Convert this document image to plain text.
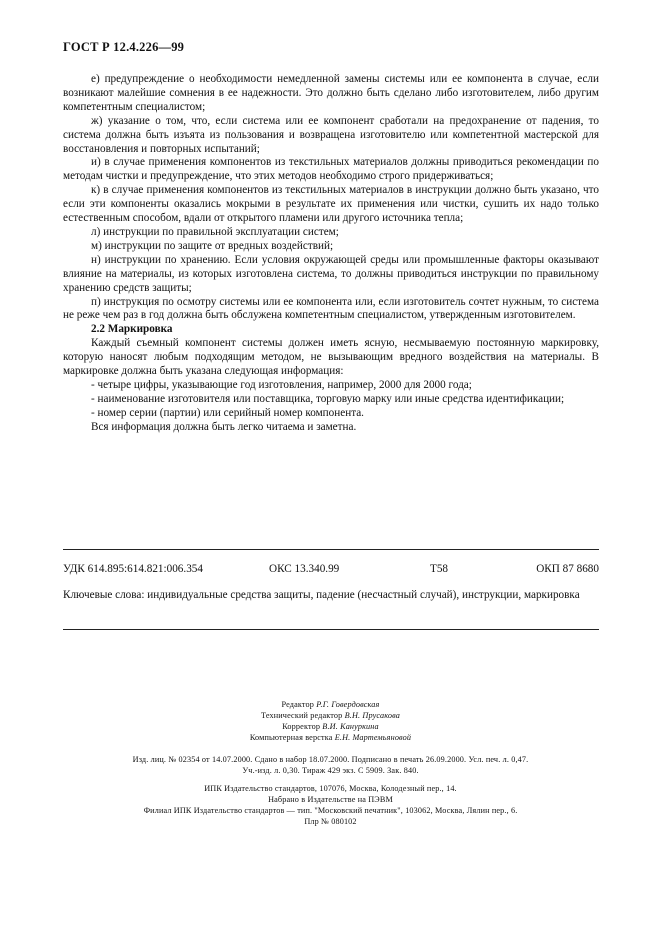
ГОСТ Р 12.4.226—99

е) предупреждение о необходимости немедленной замены системы или ее компонента в случае, если возникают малейшие сомнения в ее надежности. Это должно быть сделано либо изготовителем, либо другим компетентным специалистом;

ж) указание о том, что, если система или ее компонент сработали на предохранение от падения, то система должна быть изъята из пользования и возвращена изготовителю или компетентной мастерской для восстановления и повторных испытаний;

и) в случае применения компонентов из текстильных материалов должны приводиться рекомендации по методам чистки и предупреждение, что этих методов необходимо строго придерживаться;

к) в случае применения компонентов из текстильных материалов в инструкции должно быть указано, что если эти компоненты оказались мокрыми в результате их применения или чистки, сушить их надо только естественным способом, вдали от открытого пламени или другого источника тепла;

л) инструкции по правильной эксплуатации систем;

м) инструкции по защите от вредных воздействий;

н) инструкции по хранению. Если условия окружающей среды или промышленные факторы оказывают влияние на материалы, из которых изготовлена система, то должны приводиться инструкции по правильному хранению средств защиты;

п) инструкция по осмотру системы или ее компонента или, если изготовитель сочтет нужным, то система не реже чем раз в год должна быть обслужена компетентным специалистом, утвержденным изготовителем.

2.2 Маркировка

Каждый съемный компонент системы должен иметь ясную, несмываемую постоянную маркировку, которую наносят любым подходящим методом, не вызывающим вредного воздействия на материалы. В маркировке должна быть указана следующая информация:

- четыре цифры, указывающие год изготовления, например, 2000 для 2000 года;

- наименование изготовителя или поставщика, торговую марку или иные средства идентификации;

- номер серии (партии) или серийный номер компонента.

Вся информация должна быть легко читаема и заметна.

УДК 614.895:614.821:006.354	ОКС 13.340.99	Т58	ОКП 87 8680
Ключевые слова: индивидуальные средства защиты, падение (несчастный случай), инструкции, маркировка
Редактор Р.Г. Говердовская
Технический редактор В.Н. Прусакова
Корректор В.И. Кануркина
Компьютерная верстка Е.Н. Мартемьяновой
Изд. лиц. № 02354 от 14.07.2000. Сдано в набор 18.07.2000. Подписано в печать 26.09.2000. Усл. печ. л. 0,47.
Уч.-изд. л. 0,30. Тираж 429 экз. С 5909. Зак. 840.
ИПК Издательство стандартов, 107076, Москва, Колодезный пер., 14.
Набрано в Издательстве на ПЭВМ
Филиал ИПК Издательство стандартов — тип. "Московский печатник", 103062, Москва, Лялин пер., 6.
Плр № 080102
